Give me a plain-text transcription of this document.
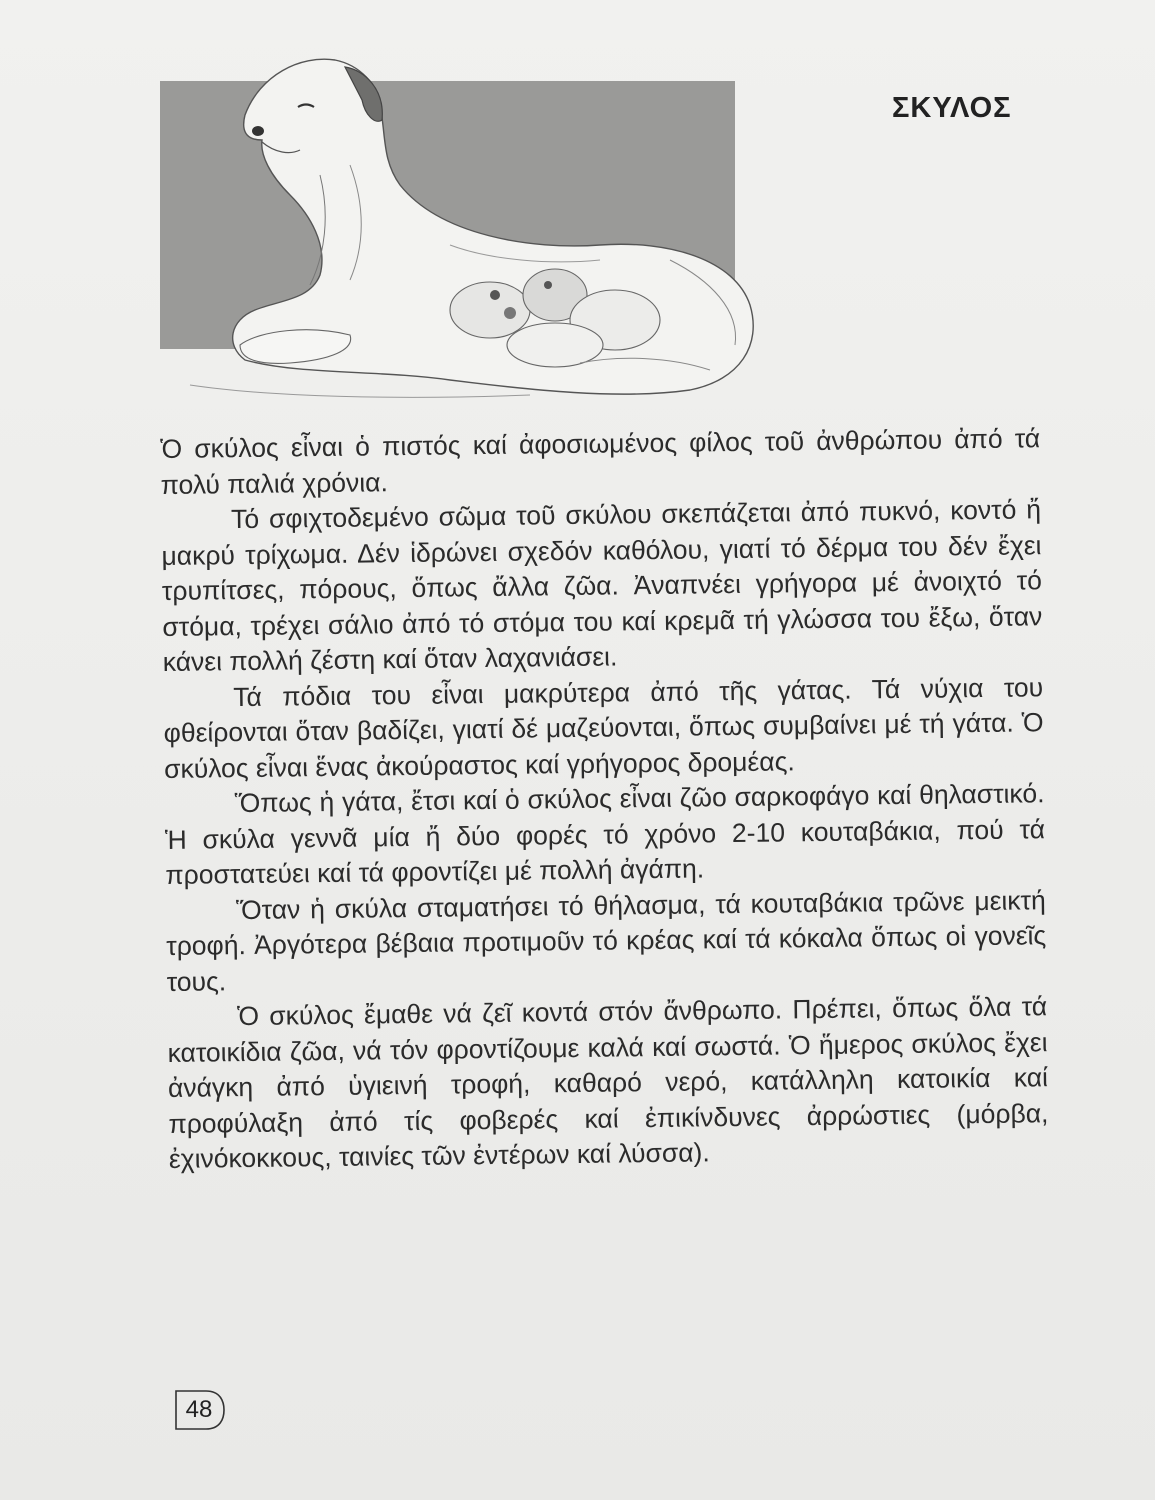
ΣΚΥΛΟΣ

Ὁ σκύλος εἶναι ὁ πιστός καί ἀφοσιωμένος φίλος τοῦ ἀνθρώπου ἀπό τά πολύ παλιά χρόνια.

Τό σφιχτοδεμένο σῶμα τοῦ σκύλου σκεπάζεται ἀπό πυκνό, κοντό ἤ μακρύ τρίχωμα. Δέν ἱδρώνει σχεδόν καθόλου, γιατί τό δέρμα του δέν ἔχει τρυπίτσες, πόρους, ὅπως ἄλλα ζῶα. Ἀναπνέει γρήγορα μέ ἀνοιχτό τό στόμα, τρέχει σάλιο ἀπό τό στόμα του καί κρεμᾶ τή γλώσσα του ἔξω, ὅταν κάνει πολλή ζέστη καί ὅταν λαχανιάσει.

Τά πόδια του εἶναι μακρύτερα ἀπό τῆς γάτας. Τά νύχια του φθείρονται ὅταν βαδίζει, γιατί δέ μαζεύονται, ὅπως συμβαίνει μέ τή γάτα. Ὁ σκύλος εἶναι ἕνας ἀκούραστος καί γρήγορος δρομέας.

Ὅπως ἡ γάτα, ἔτσι καί ὁ σκύλος εἶναι ζῶο σαρκοφάγο καί θηλαστικό. Ἡ σκύλα γεννᾶ μία ἤ δύο φορές τό χρόνο 2-10 κουταβάκια, πού τά προστατεύει καί τά φροντίζει μέ πολλή ἀγάπη.

Ὅταν ἡ σκύλα σταματήσει τό θήλασμα, τά κουταβάκια τρῶνε μεικτή τροφή. Ἀργότερα βέβαια προτιμοῦν τό κρέας καί τά κόκαλα ὅπως οἱ γονεῖς τους.

Ὁ σκύλος ἔμαθε νά ζεῖ κοντά στόν ἄνθρωπο. Πρέπει, ὅπως ὅλα τά κατοικίδια ζῶα, νά τόν φροντίζουμε καλά καί σωστά. Ὁ ἥμερος σκύλος ἔχει ἀνάγκη ἀπό ὑγιεινή τροφή, καθαρό νερό, κατάλληλη κατοικία καί προφύλαξη ἀπό τίς φοβερές καί ἐπικίνδυνες ἀρρώστιες (μόρβα, ἐχινόκοκκους, ταινίες τῶν ἐντέρων καί λύσσα).

48
